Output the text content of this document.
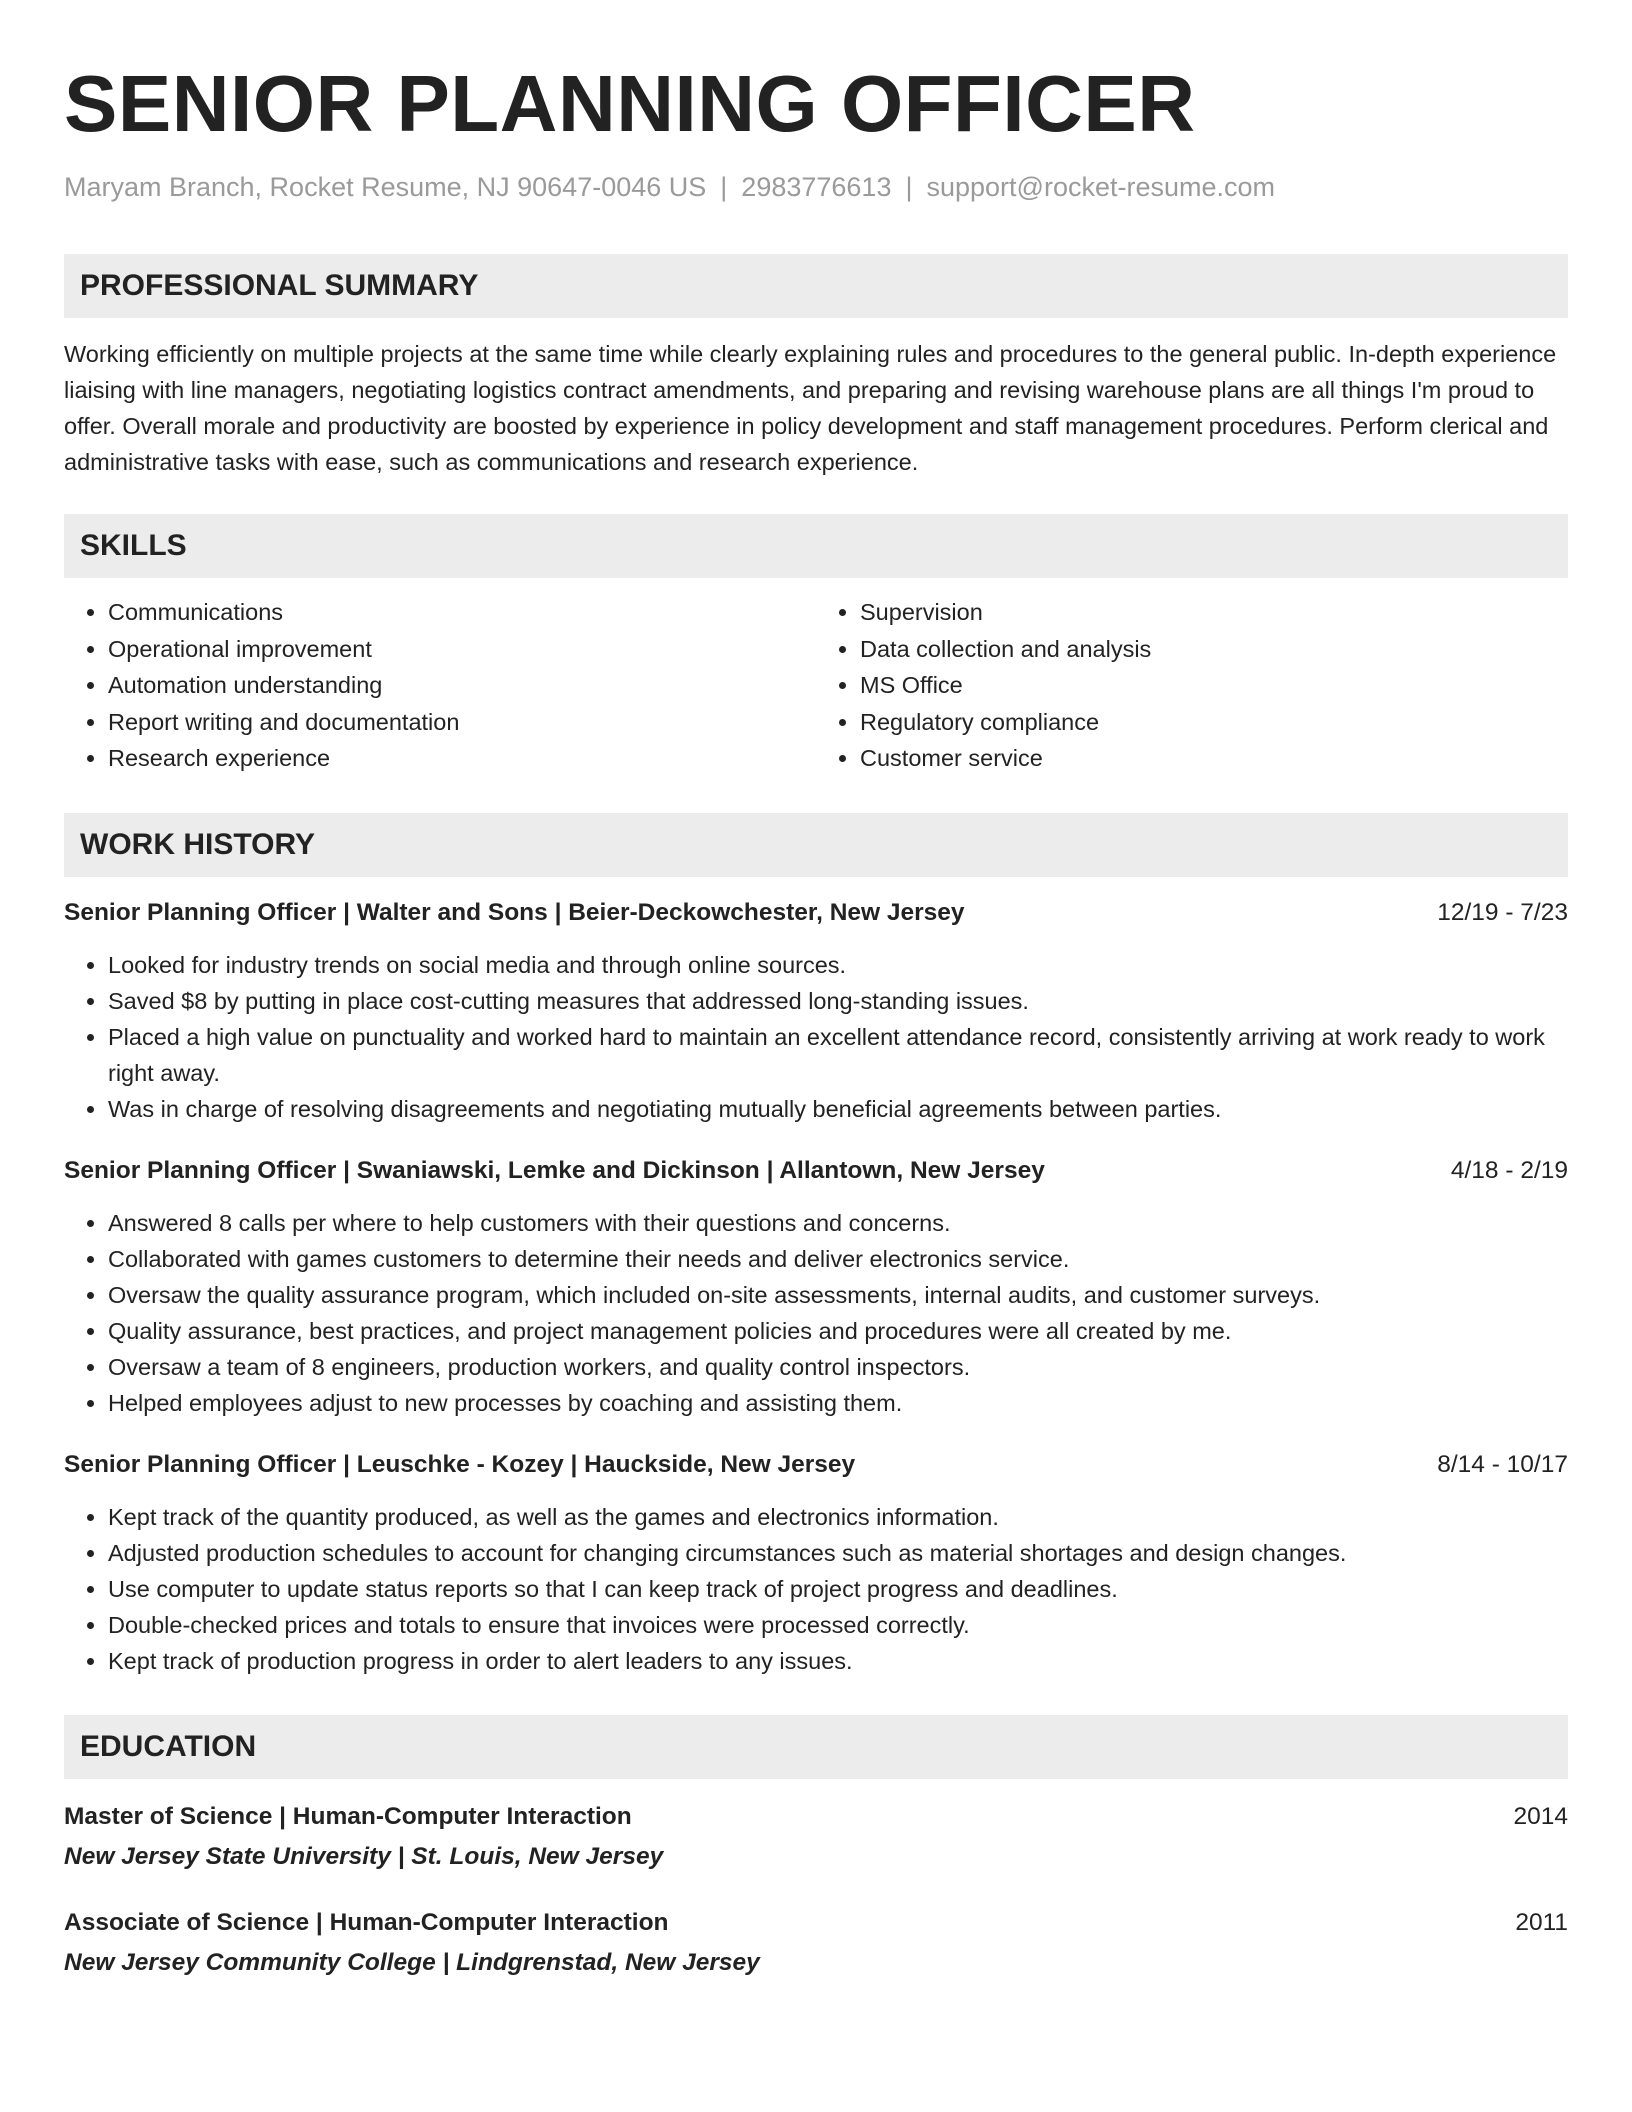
SENIOR PLANNING OFFICER
Maryam Branch, Rocket Resume, NJ 90647-0046 US | 2983776613 | support@rocket-resume.com
PROFESSIONAL SUMMARY
Working efficiently on multiple projects at the same time while clearly explaining rules and procedures to the general public. In-depth experience liaising with line managers, negotiating logistics contract amendments, and preparing and revising warehouse plans are all things I'm proud to offer. Overall morale and productivity are boosted by experience in policy development and staff management procedures. Perform clerical and administrative tasks with ease, such as communications and research experience.
SKILLS
• Communications
• Operational improvement
• Automation understanding
• Report writing and documentation
• Research experience
• Supervision
• Data collection and analysis
• MS Office
• Regulatory compliance
• Customer service
WORK HISTORY
Senior Planning Officer | Walter and Sons | Beier-Deckowchester, New Jersey	12/19 - 7/23
• Looked for industry trends on social media and through online sources.
• Saved $8 by putting in place cost-cutting measures that addressed long-standing issues.
• Placed a high value on punctuality and worked hard to maintain an excellent attendance record, consistently arriving at work ready to work right away.
• Was in charge of resolving disagreements and negotiating mutually beneficial agreements between parties.
Senior Planning Officer | Swaniawski, Lemke and Dickinson | Allantown, New Jersey	4/18 - 2/19
• Answered 8 calls per where to help customers with their questions and concerns.
• Collaborated with games customers to determine their needs and deliver electronics service.
• Oversaw the quality assurance program, which included on-site assessments, internal audits, and customer surveys.
• Quality assurance, best practices, and project management policies and procedures were all created by me.
• Oversaw a team of 8 engineers, production workers, and quality control inspectors.
• Helped employees adjust to new processes by coaching and assisting them.
Senior Planning Officer | Leuschke - Kozey | Hauckside, New Jersey	8/14 - 10/17
• Kept track of the quantity produced, as well as the games and electronics information.
• Adjusted production schedules to account for changing circumstances such as material shortages and design changes.
• Use computer to update status reports so that I can keep track of project progress and deadlines.
• Double-checked prices and totals to ensure that invoices were processed correctly.
• Kept track of production progress in order to alert leaders to any issues.
EDUCATION
Master of Science | Human-Computer Interaction	2014
New Jersey State University | St. Louis, New Jersey
Associate of Science | Human-Computer Interaction	2011
New Jersey Community College | Lindgrenstad, New Jersey
